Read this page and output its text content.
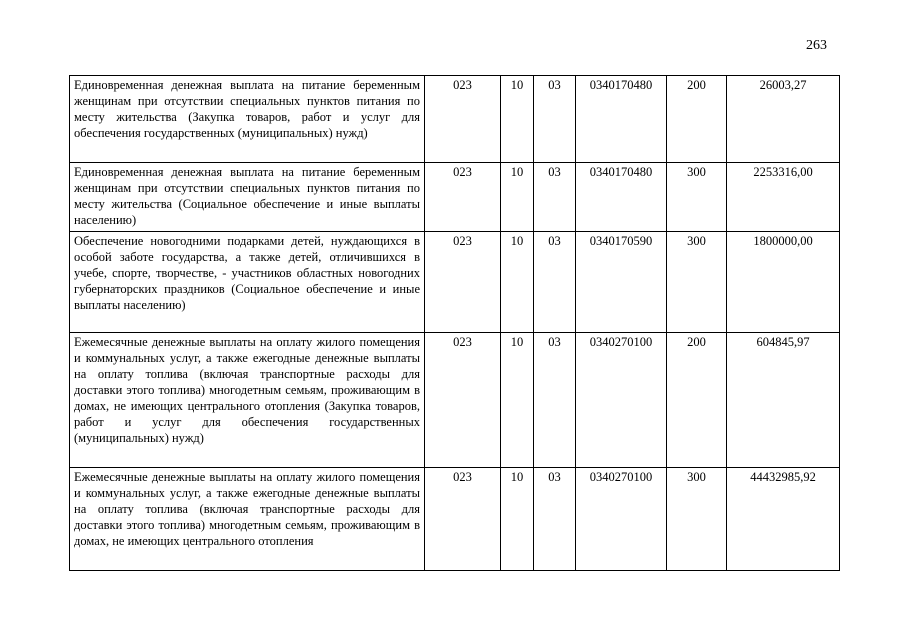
263
Единовременная денежная выплата на питание беременным женщинам при отсутствии специальных пунктов питания по месту жительства (Закупка товаров, работ и услуг для обеспечения государственных (муниципальных) нужд)	023	10	03	0340170480	200	26003,27
Единовременная денежная выплата на питание беременным женщинам при отсутствии специальных пунктов питания по месту жительства (Социальное обеспечение и иные выплаты населению)	023	10	03	0340170480	300	2253316,00
Обеспечение новогодними подарками детей, нуждающихся в особой заботе государства, а также детей, отличившихся в учебе, спорте, творчестве, - участников областных новогодних губернаторских праздников (Социальное обеспечение и иные выплаты населению)	023	10	03	0340170590	300	1800000,00
Ежемесячные денежные выплаты на оплату жилого помещения и коммунальных услуг, а также ежегодные денежные выплаты на оплату топлива (включая транспортные расходы для доставки этого топлива) многодетным семьям, проживающим в домах, не имеющих центрального отопления (Закупка товаров, работ и услуг для обеспечения государственных (муниципальных) нужд)	023	10	03	0340270100	200	604845,97
Ежемесячные денежные выплаты на оплату жилого помещения и коммунальных услуг, а также ежегодные денежные выплаты на оплату топлива (включая транспортные расходы для доставки этого топлива) многодетным семьям, проживающим в домах, не имеющих центрального отопления	023	10	03	0340270100	300	44432985,92
